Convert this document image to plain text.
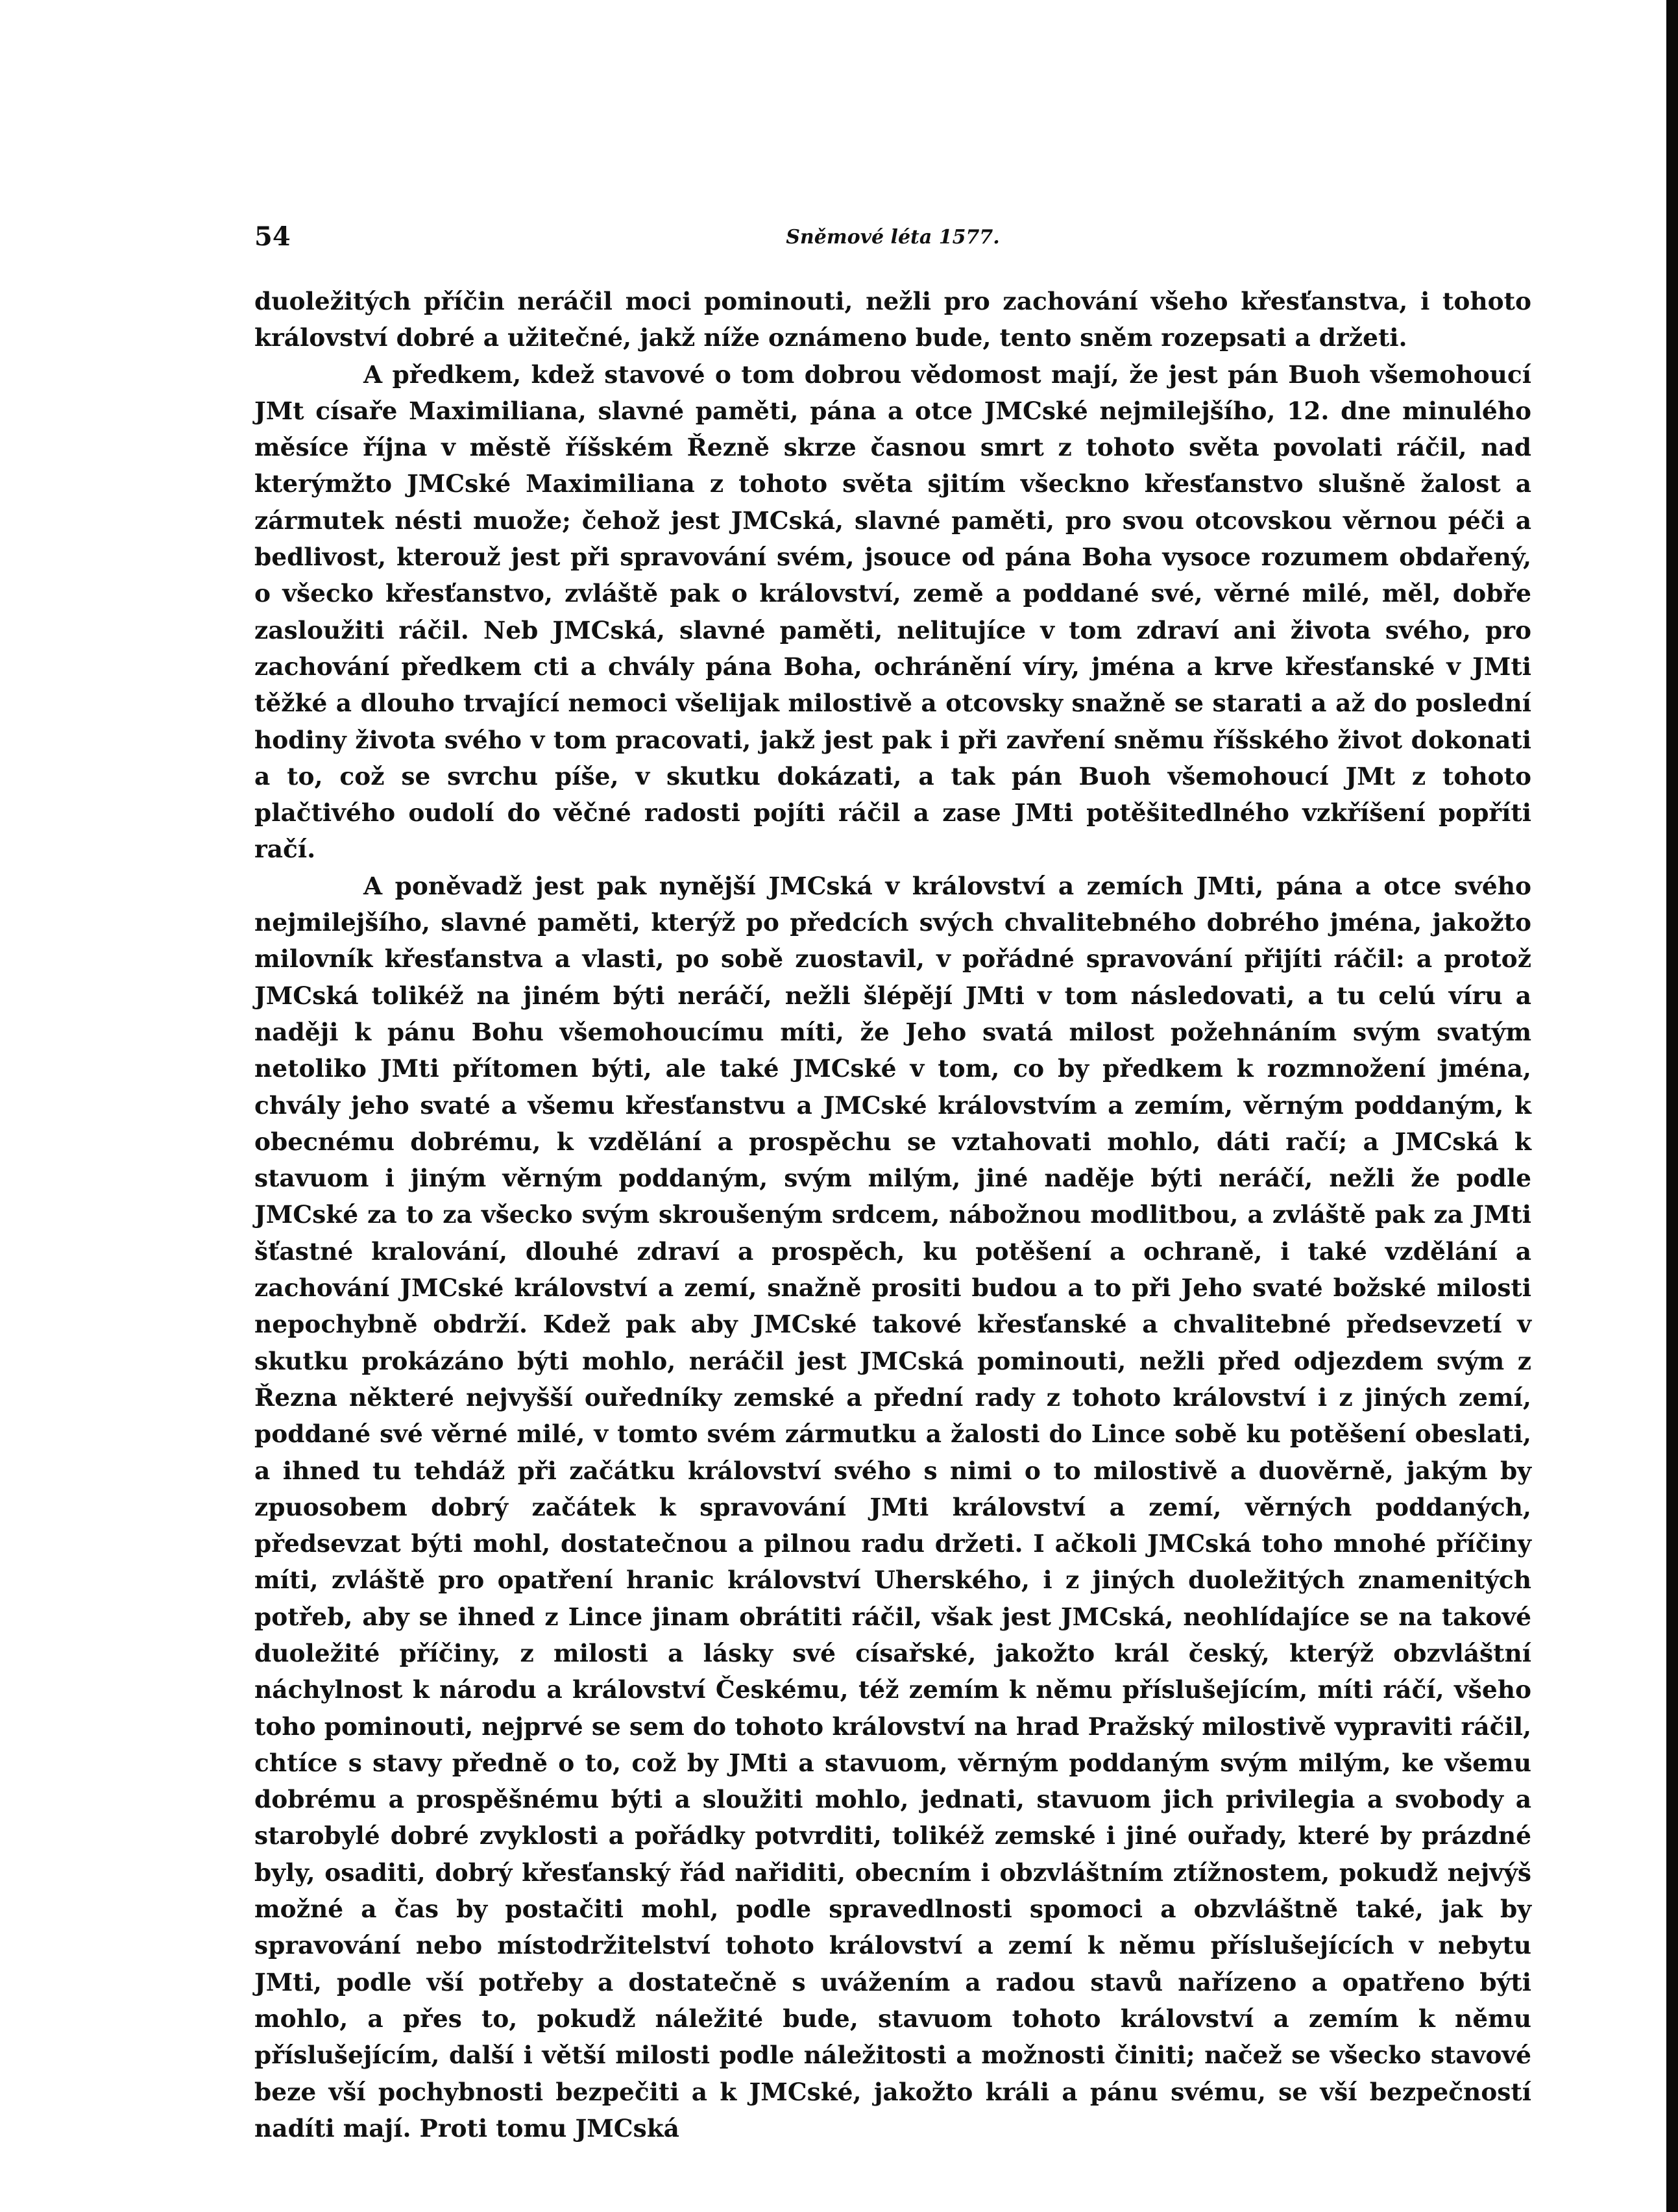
54	Sněmové léta 1577.

duoležitých příčin neráčil moci pominouti, nežli pro zachování všeho křesťanstva, i tohoto království dobré a užitečné, jakž níže oznámeno bude, tento sněm rozepsati a držeti.

A předkem, kdež stavové o tom dobrou vědomost mají, že jest pán Buoh všemohoucí JMt císaře Maximiliana, slavné paměti, pána a otce JMCské nejmilejšího, 12. dne minulého měsíce října v městě říšském Řezně skrze časnou smrt z tohoto světa povolati ráčil, nad kterýmžto JMCské Maximiliana z tohoto světa sjitím všeckno křesťanstvo slušně žalost a zármutek nésti muože; čehož jest JMCská, slavné paměti, pro svou otcovskou věrnou péči a bedlivost, kterouž jest při spravování svém, jsouce od pána Boha vysoce rozumem obdařený, o všecko křesťanstvo, zvláště pak o království, země a poddané své, věrné milé, měl, dobře zasloužiti ráčil. Neb JMCská, slavné paměti, nelitujíce v tom zdraví ani života svého, pro zachování předkem cti a chvály pána Boha, ochránění víry, jména a krve křesťanské v JMti těžké a dlouho trvající nemoci všelijak milostivě a otcovsky snažně se starati a až do poslední hodiny života svého v tom pracovati, jakž jest pak i při zavření sněmu říšského život dokonati a to, což se svrchu píše, v skutku dokázati, a tak pán Buoh všemohoucí JMt z tohoto plačtivého oudolí do věčné radosti pojíti ráčil a zase JMti potěšitedlného vzkříšení popříti račí.

A poněvadž jest pak nynější JMCská v království a zemích JMti, pána a otce svého nejmilejšího, slavné paměti, kterýž po předcích svých chvalitebného dobrého jména, jakožto milovník křesťanstva a vlasti, po sobě zuostavil, v pořádné spravování přijíti ráčil: a protož JMCská tolikéž na jiném býti neráčí, nežli šlépějí JMti v tom následovati, a tu celú víru a naději k pánu Bohu všemohoucímu míti, že Jeho svatá milost požehnáním svým svatým netoliko JMti přítomen býti, ale také JMCské v tom, co by předkem k rozmnožení jména, chvály jeho svaté a všemu křesťanstvu a JMCské královstvím a zemím, věrným poddaným, k obecnému dobrému, k vzdělání a prospěchu se vztahovati mohlo, dáti račí; a JMCská k stavuom i jiným věrným poddaným, svým milým, jiné naděje býti neráčí, nežli že podle JMCské za to za všecko svým skroušeným srdcem, nábožnou modlitbou, a zvláště pak za JMti šťastné kralování, dlouhé zdraví a prospěch, ku potěšení a ochraně, i také vzdělání a zachování JMCské království a zemí, snažně prositi budou a to při Jeho svaté božské milosti nepochybně obdrží. Kdež pak aby JMCské takové křesťanské a chvalitebné předsevzetí v skutku prokázáno býti mohlo, neráčil jest JMCská pominouti, nežli před odjezdem svým z Řezna některé nejvyšší ouředníky zemské a přední rady z tohoto království i z jiných zemí, poddané své věrné milé, v tomto svém zármutku a žalosti do Lince sobě ku potěšení obeslati, a ihned tu tehdáž při začátku království svého s nimi o to milostivě a duověrně, jakým by zpuosobem dobrý začátek k spravování JMti království a zemí, věrných poddaných, předsevzat býti mohl, dostatečnou a pilnou radu držeti. I ačkoli JMCská toho mnohé příčiny míti, zvláště pro opatření hranic království Uherského, i z jiných duoležitých znamenitých potřeb, aby se ihned z Lince jinam obrátiti ráčil, však jest JMCská, neohlídajíce se na takové duoležité příčiny, z milosti a lásky své císařské, jakožto král český, kterýž obzvláštní náchylnost k národu a království Českému, též zemím k němu příslušejícím, míti ráčí, všeho toho pominouti, nejprvé se sem do tohoto království na hrad Pražský milostivě vypraviti ráčil, chtíce s stavy předně o to, což by JMti a stavuom, věrným poddaným svým milým, ke všemu dobrému a prospěšnému býti a sloužiti mohlo, jednati, stavuom jich privilegia a svobody a starobylé dobré zvyklosti a pořádky potvrditi, tolikéž zemské i jiné ouřady, které by prázdné byly, osaditi, dobrý křesťanský řád nařiditi, obecním i obzvláštním ztížnostem, pokudž nejvýš možné a čas by postačiti mohl, podle spravedlnosti spomoci a obzvláštně také, jak by spravování nebo místodržitelství tohoto království a zemí k němu příslušejících v nebytu JMti, podle vší potřeby a dostatečně s uvážením a radou stavů nařízeno a opatřeno býti mohlo, a přes to, pokudž náležité bude, stavuom tohoto království a zemím k němu příslušejícím, další i větší milosti podle náležitosti a možnosti činiti; načež se všecko stavové beze vší pochybnosti bezpečiti a k JMCské, jakožto králi a pánu svému, se vší bezpečností nadíti mají. Proti tomu JMCská
